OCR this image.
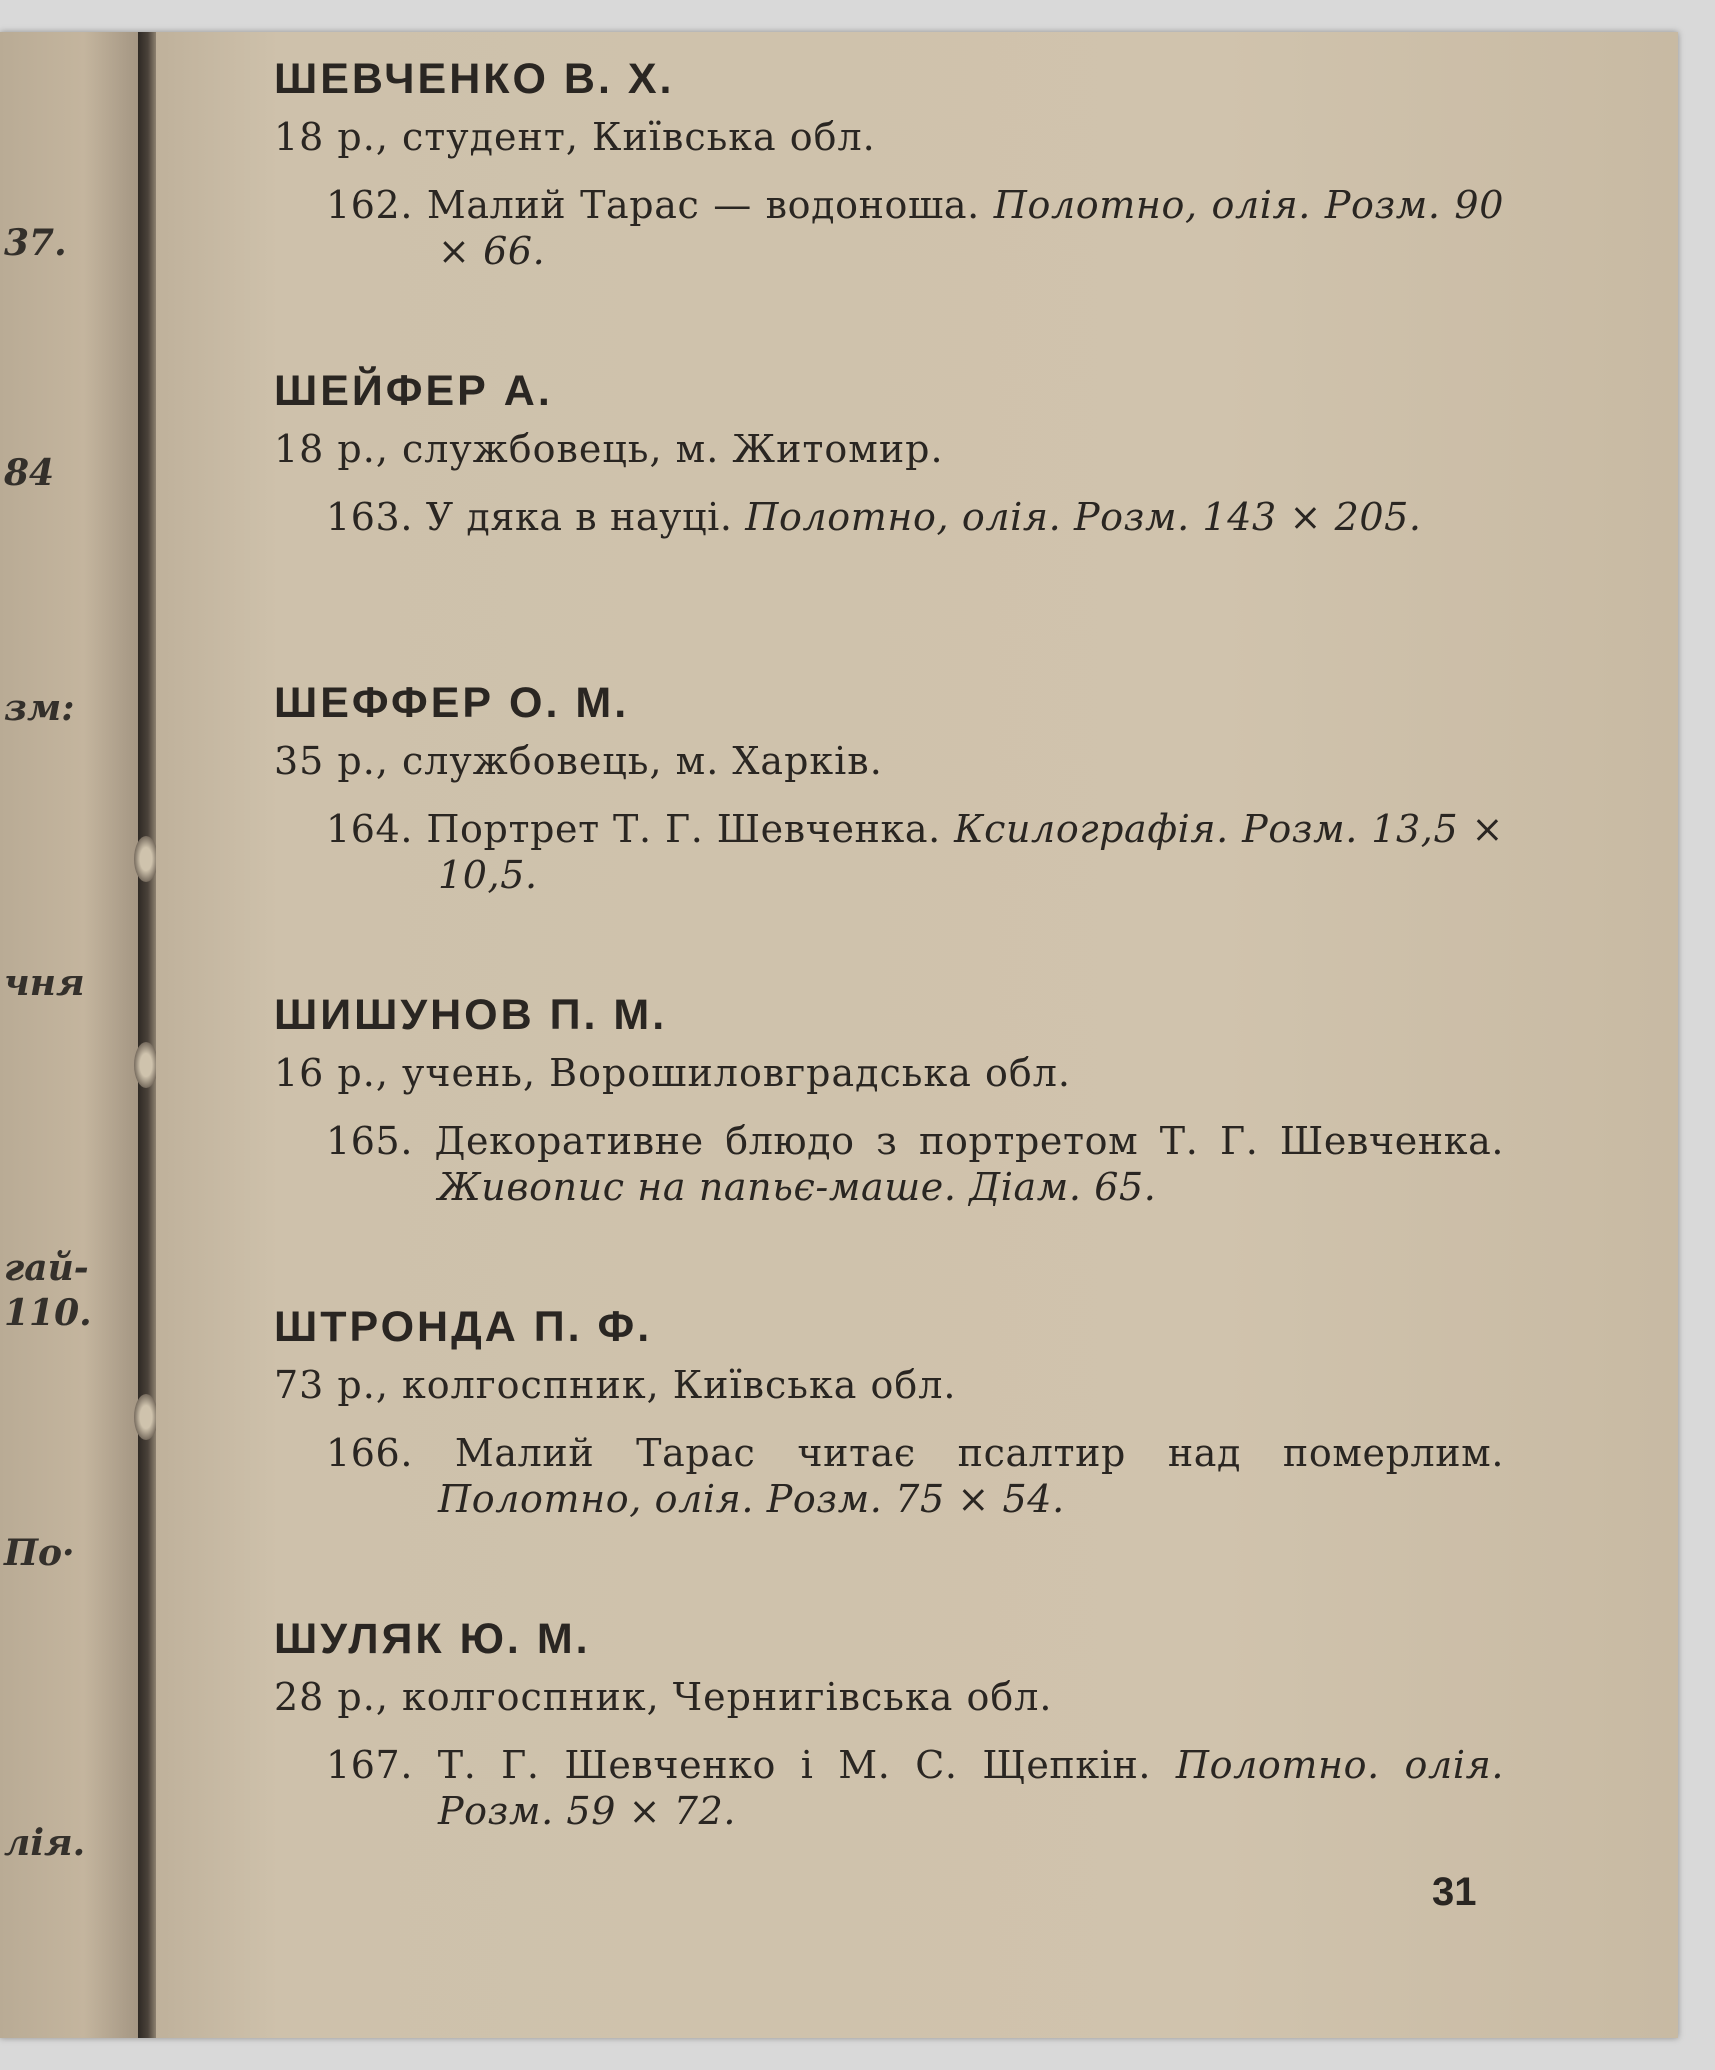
37.
84
зм:
чня
гай-
110.
По·
лія.
ШЕВЧЕНКО В. Х.
18 р., студент, Київська обл.
162. Малий Тарас — водоноша. Полотно, олія. Розм. 90 × 66.
ШЕЙФЕР А.
18 р., службовець, м. Житомир.
163. У дяка в науці. Полотно, олія. Розм. 143 × 205.
ШЕФФЕР О. М.
35 р., службовець, м. Харків.
164. Портрет Т. Г. Шевченка. Ксилографія. Розм. 13,5 × 10,5.
ШИШУНОВ П. М.
16 р., учень, Ворошиловградська обл.
165. Декоративне блюдо з портретом Т. Г. Шевченка. Живопис на папьє-маше. Діам. 65.
ШТРОНДА П. Ф.
73 р., колгоспник, Київська обл.
166. Малий Тарас читає псалтир над померлим. Полотно, олія. Розм. 75 × 54.
ШУЛЯК Ю. М.
28 р., колгоспник, Чернигівська обл.
167. Т. Г. Шевченко і М. С. Щепкін. Полотно. олія. Розм. 59 × 72.
31
